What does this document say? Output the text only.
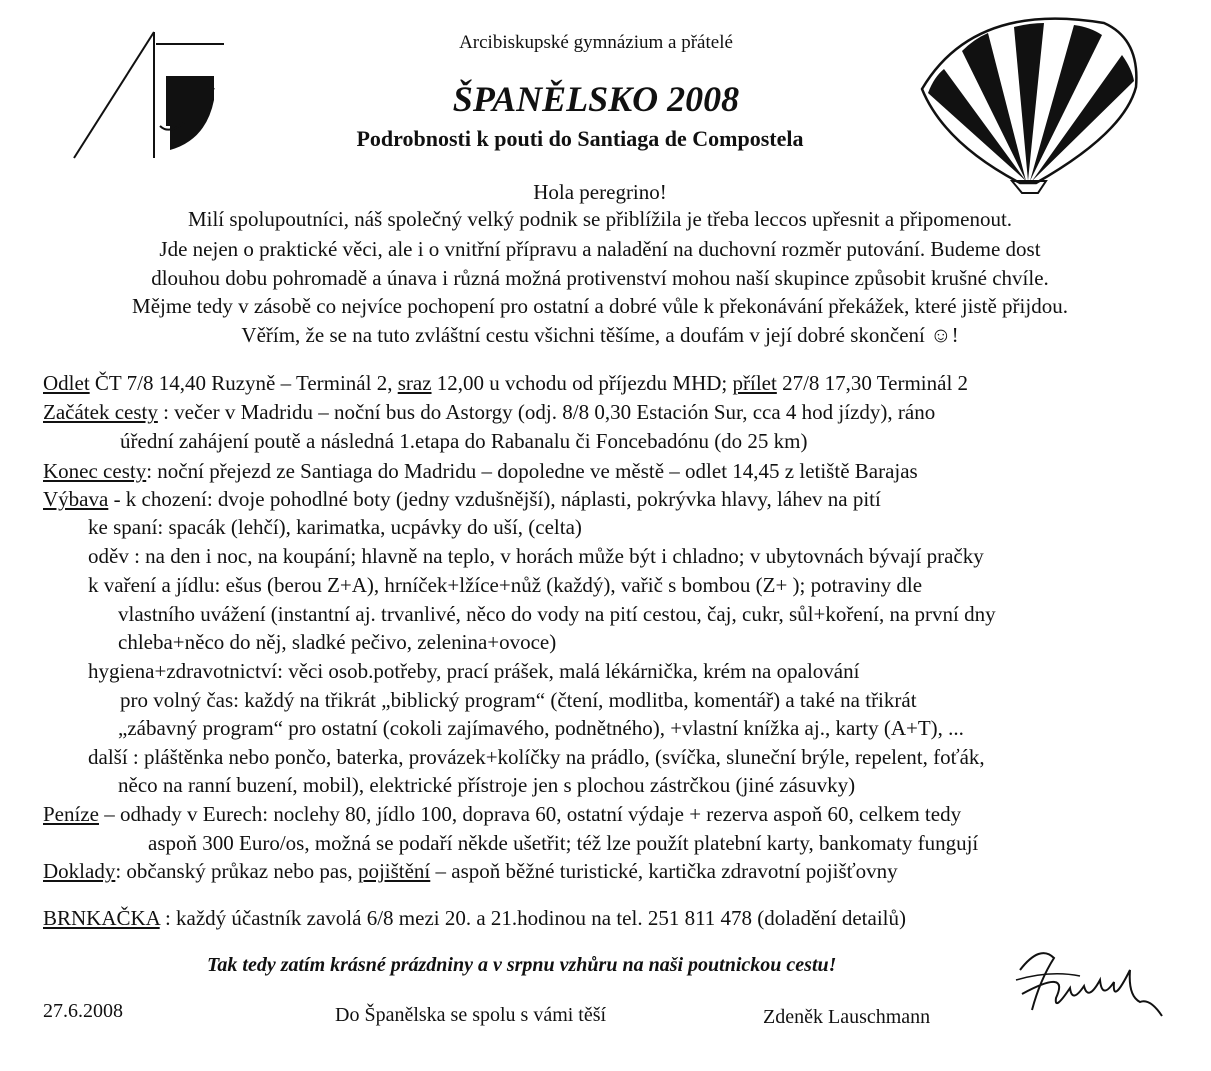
Arcibiskupské gymnázium a přátelé
ŠPANĚLSKO 2008
Podrobnosti k pouti do Santiaga de Compostela
Hola peregrino!
Milí spolupoutníci, náš společný velký podnik se přiblížila je třeba leccos upřesnit a připomenout.
Jde nejen o praktické věci, ale i o vnitřní přípravu a naladění na duchovní rozměr putování. Budeme dost
dlouhou dobu pohromadě a únava i různá možná protivenství mohou naší skupince způsobit krušné chvíle.
Mějme tedy v zásobě co nejvíce pochopení pro ostatní a dobré vůle k překonávání překážek, které jistě přijdou.
Věřím, že se na tuto zvláštní cestu všichni těšíme, a doufám v její dobré skončení ☺!
Odlet ČT 7/8 14,40 Ruzyně – Terminál 2, sraz 12,00 u vchodu od příjezdu MHD; přílet 27/8 17,30 Terminál 2
Začátek cesty : večer v Madridu – noční bus do Astorgy (odj. 8/8 0,30 Estación Sur, cca 4 hod jízdy), ráno
úřední zahájení poutě a následná 1.etapa do Rabanalu či Foncebadónu (do 25 km)
Konec cesty: noční přejezd ze Santiaga do Madridu – dopoledne ve městě – odlet 14,45 z letiště Barajas
Výbava - k chození: dvoje pohodlné boty (jedny vzdušnější), náplasti, pokrývka hlavy, láhev na pití
ke spaní: spacák (lehčí), karimatka, ucpávky do uší, (celta)
oděv : na den i noc, na koupání; hlavně na teplo, v horách může být i chladno; v ubytovnách bývají pračky
k vaření a jídlu: ešus (berou Z+A), hrníček+lžíce+nůž (každý), vařič s bombou (Z+ ); potraviny dle
vlastního uvážení (instantní aj. trvanlivé, něco do vody na pití cestou, čaj, cukr, sůl+koření, na první dny
chleba+něco do něj, sladké pečivo, zelenina+ovoce)
hygiena+zdravotnictví: věci osob.potřeby, prací prášek, malá lékárnička, krém na opalování
pro volný čas: každý na třikrát „biblický program“ (čtení, modlitba, komentář) a také na třikrát
„zábavný program“ pro ostatní (cokoli zajímavého, podnětného), +vlastní knížka aj., karty (A+T), ...
další : pláštěnka nebo pončo, baterka, provázek+kolíčky na prádlo, (svíčka, sluneční brýle, repelent, foťák,
něco na ranní buzení, mobil), elektrické přístroje jen s plochou zástrčkou (jiné zásuvky)
Peníze – odhady v Eurech: noclehy 80, jídlo 100, doprava 60, ostatní výdaje + rezerva aspoň 60, celkem tedy
aspoň 300 Euro/os, možná se podaří někde ušetřit; též lze použít platební karty, bankomaty fungují
Doklady: občanský průkaz nebo pas, pojištění – aspoň běžné turistické, kartička zdravotní pojišťovny
BRNKAČKA : každý účastník zavolá 6/8 mezi 20. a 21.hodinou na tel. 251 811 478 (doladění detailů)
Tak tedy zatím krásné prázdniny a v srpnu vzhůru na naši poutnickou cestu!
27.6.2008	Do Španělska se spolu s vámi těší	Zdeněk Lauschmann
